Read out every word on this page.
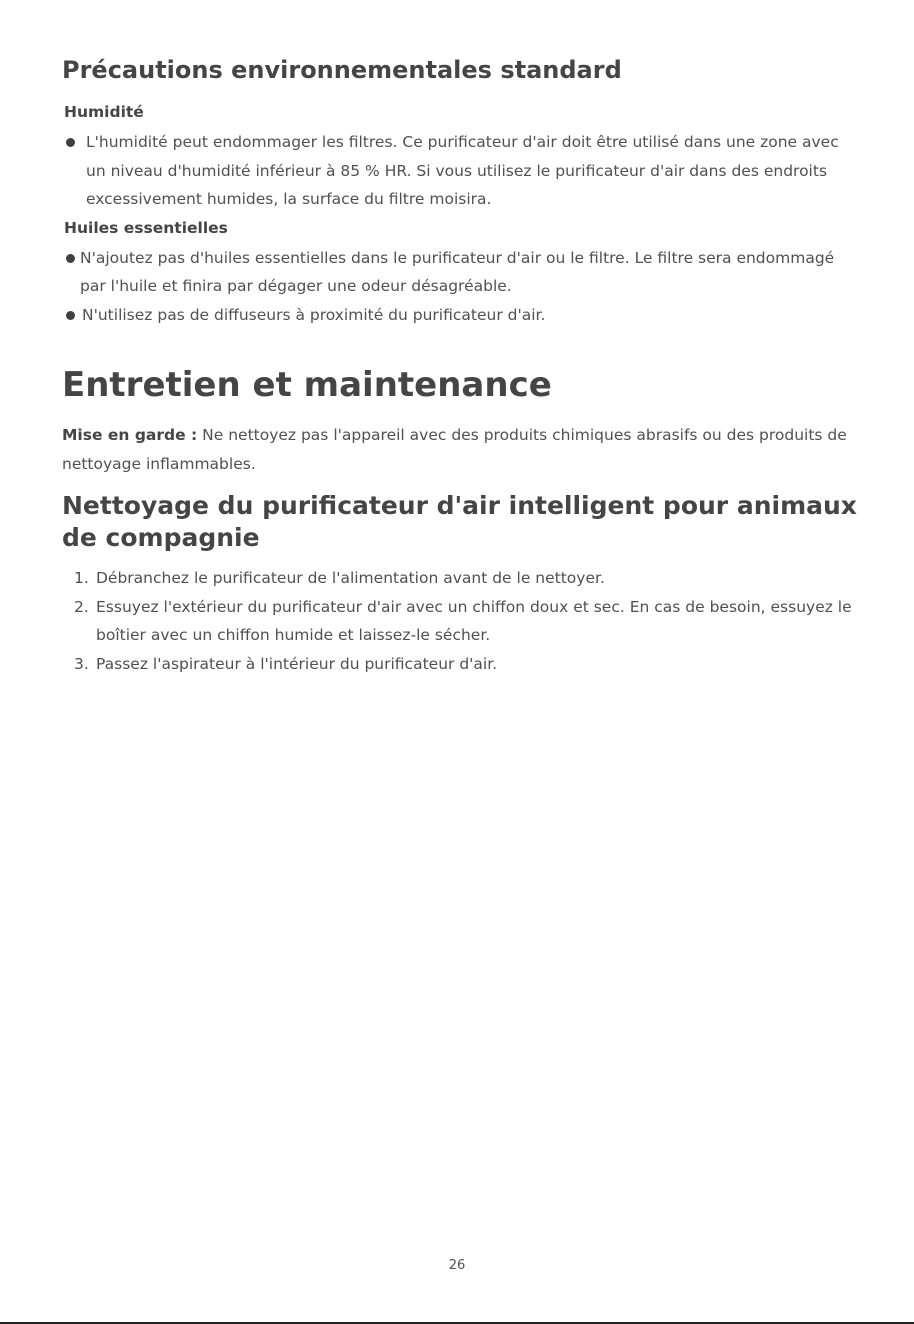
Précautions environnementales standard
Humidité
L'humidité peut endommager les filtres. Ce purificateur d'air doit être utilisé dans une zone avec un niveau d'humidité inférieur à 85 % HR. Si vous utilisez le purificateur d'air dans des endroits excessivement humides, la surface du filtre moisira.
Huiles essentielles
N'ajoutez pas d'huiles essentielles dans le purificateur d'air ou le filtre. Le filtre sera endommagé par l'huile et finira par dégager une odeur désagréable.
N'utilisez pas de diffuseurs à proximité du purificateur d'air.
Entretien et maintenance

Mise en garde : Ne nettoyez pas l'appareil avec des produits chimiques abrasifs ou des produits de nettoyage inflammables.

Nettoyage du purificateur d'air intelligent pour animaux de compagnie
1. Débranchez le purificateur de l'alimentation avant de le nettoyer.
2. Essuyez l'extérieur du purificateur d'air avec un chiffon doux et sec. En cas de besoin, essuyez le boîtier avec un chiffon humide et laissez-le sécher.
3. Passez l'aspirateur à l'intérieur du purificateur d'air.
26
